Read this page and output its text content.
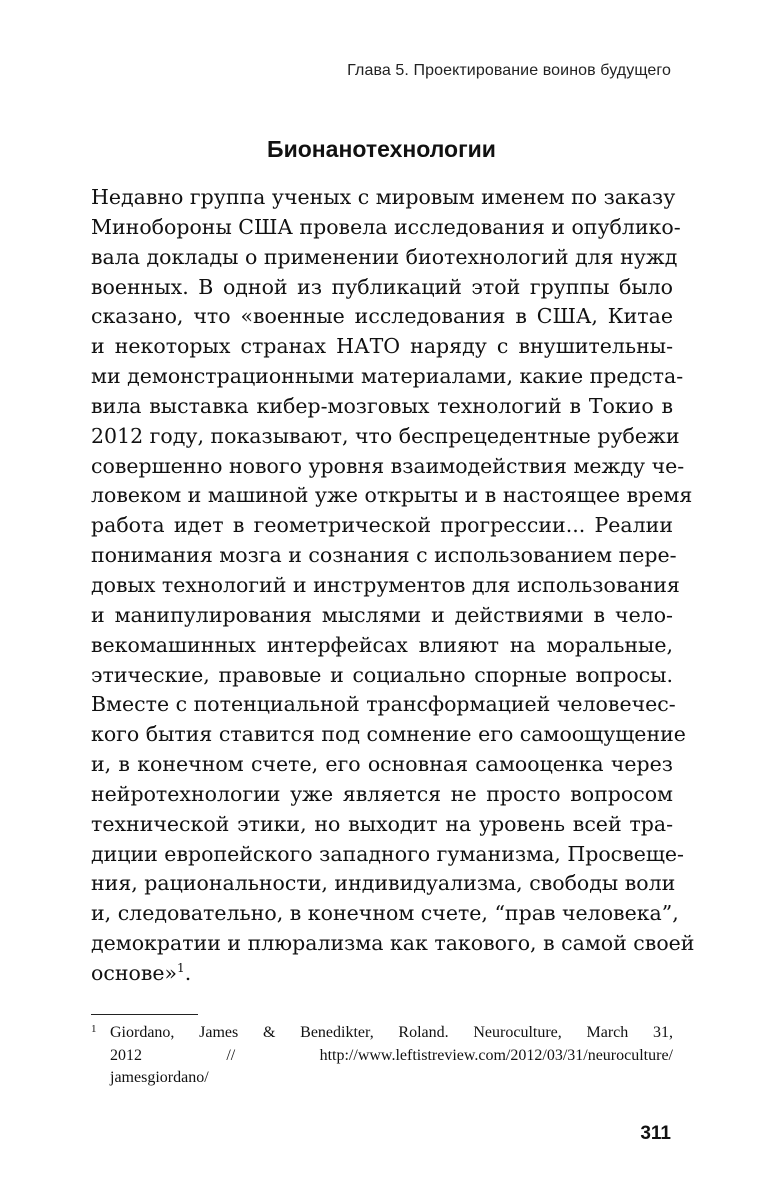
Глава 5. Проектирование воинов будущего
Бионанотехнологии
Недавно группа ученых с мировым именем по заказу
Минобороны США провела исследования и опублико-
вала доклады о применении биотехнологий для нужд
военных. В одной из публикаций этой группы было
сказано, что «военные исследования в США, Китае
и некоторых странах НАТО наряду с внушительны-
ми демонстрационными материалами, какие предста-
вила выставка кибер-мозговых технологий в Токио в
2012 году, показывают, что беспрецедентные рубежи
совершенно нового уровня взаимодействия между че-
ловеком и машиной уже открыты и в настоящее время
работа идет в геометрической прогрессии... Реалии
понимания мозга и сознания с использованием пере-
довых технологий и инструментов для использования
и манипулирования мыслями и действиями в чело-
векомашинных интерфейсах влияют на моральные,
этические, правовые и социально спорные вопросы.
Вместе с потенциальной трансформацией человечес-
кого бытия ставится под сомнение его самоощущение
и, в конечном счете, его основная самооценка через
нейротехнологии уже является не просто вопросом
технической этики, но выходит на уровень всей тра-
диции европейского западного гуманизма, Просвеще-
ния, рациональности, индивидуализма, свободы воли
и, следовательно, в конечном счете, “прав человека”,
демократии и плюрализма как такового, в самой своей
основе»$^1$.
1 Giordano, James & Benedikter, Roland. Neuroculture, March 31,
2012 // http://www.leftistreview.com/2012/03/31/neuroculture/
jamesgiordano/
311
